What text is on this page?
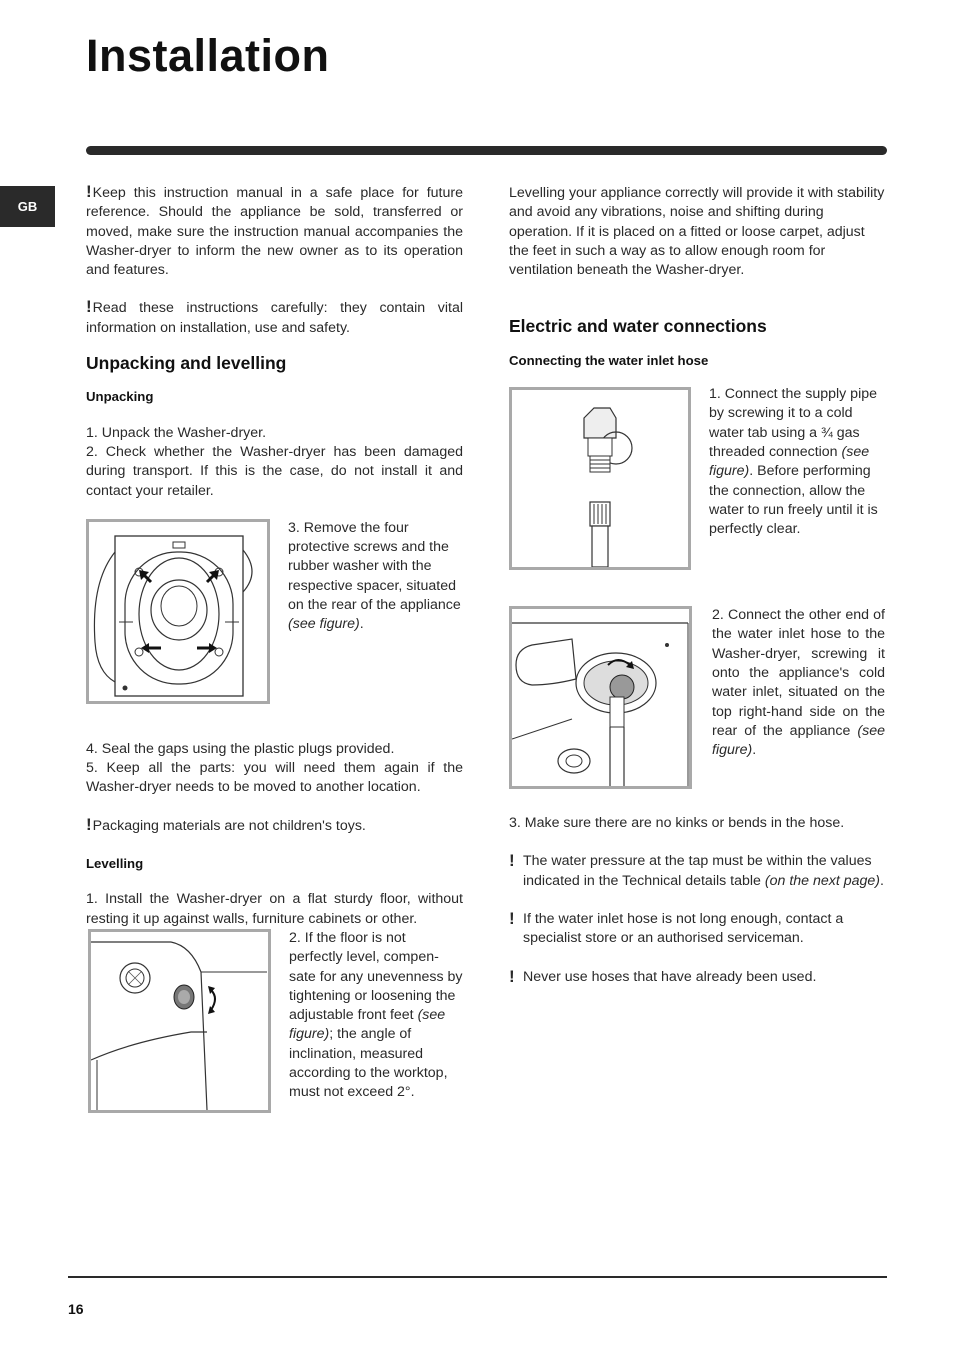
Installation
GB

!Keep this instruction manual in a safe place for future reference. Should the appliance be sold, transferred or moved, make sure the instruction manual accompanies the Washer-dryer to inform the new owner as to its operation and features.

!Read these instructions carefully: they contain vital information on installation, use and safety.

Unpacking and levelling
Unpacking

1. Unpack the Washer-dryer.

2. Check whether the Washer-dryer has been damaged during transport. If this is the case, do not install it and contact your retailer.

3. Remove the four protective screws and the rubber washer with the respective spacer, situated on the rear of the appliance (see figure).

4. Seal the gaps using the plastic plugs provided.

5. Keep all the parts: you will need them again if the Washer-dryer needs to be moved to another location.

!Packaging materials are not children's toys.

Levelling

1. Install the Washer-dryer on a flat sturdy floor, without resting it up against walls, furniture cabinets or other.

2. If the floor is not perfectly level, compen-sate for any unevenness by tightening or loosening the adjustable front feet (see figure); the angle of inclination, measured according to the worktop, must not exceed 2°.

Levelling your appliance correctly will provide it with stability and avoid any vibrations, noise and shifting during operation. If it is placed on a fitted or loose carpet, adjust the feet in such a way as to allow enough room for ventilation beneath the Washer-dryer.

Electric and water connections
Connecting the water inlet hose

1. Connect the supply pipe by screwing it to a cold water tab using a ¾ gas threaded connection (see figure). Before performing the connection, allow the water to run freely until it is perfectly clear.

2. Connect the other end of the water inlet hose to the Washer-dryer, screwing it onto the appliance's cold water inlet, situated on the top right-hand side on the rear of the appliance (see figure).

3. Make sure there are no kinks or bends in the hose.

! The water pressure at the tap must be within the values indicated in the Technical details table (on the next page).

! If the water inlet hose is not long enough, contact a specialist store or an authorised serviceman.

! Never use hoses that have already been used.

16
